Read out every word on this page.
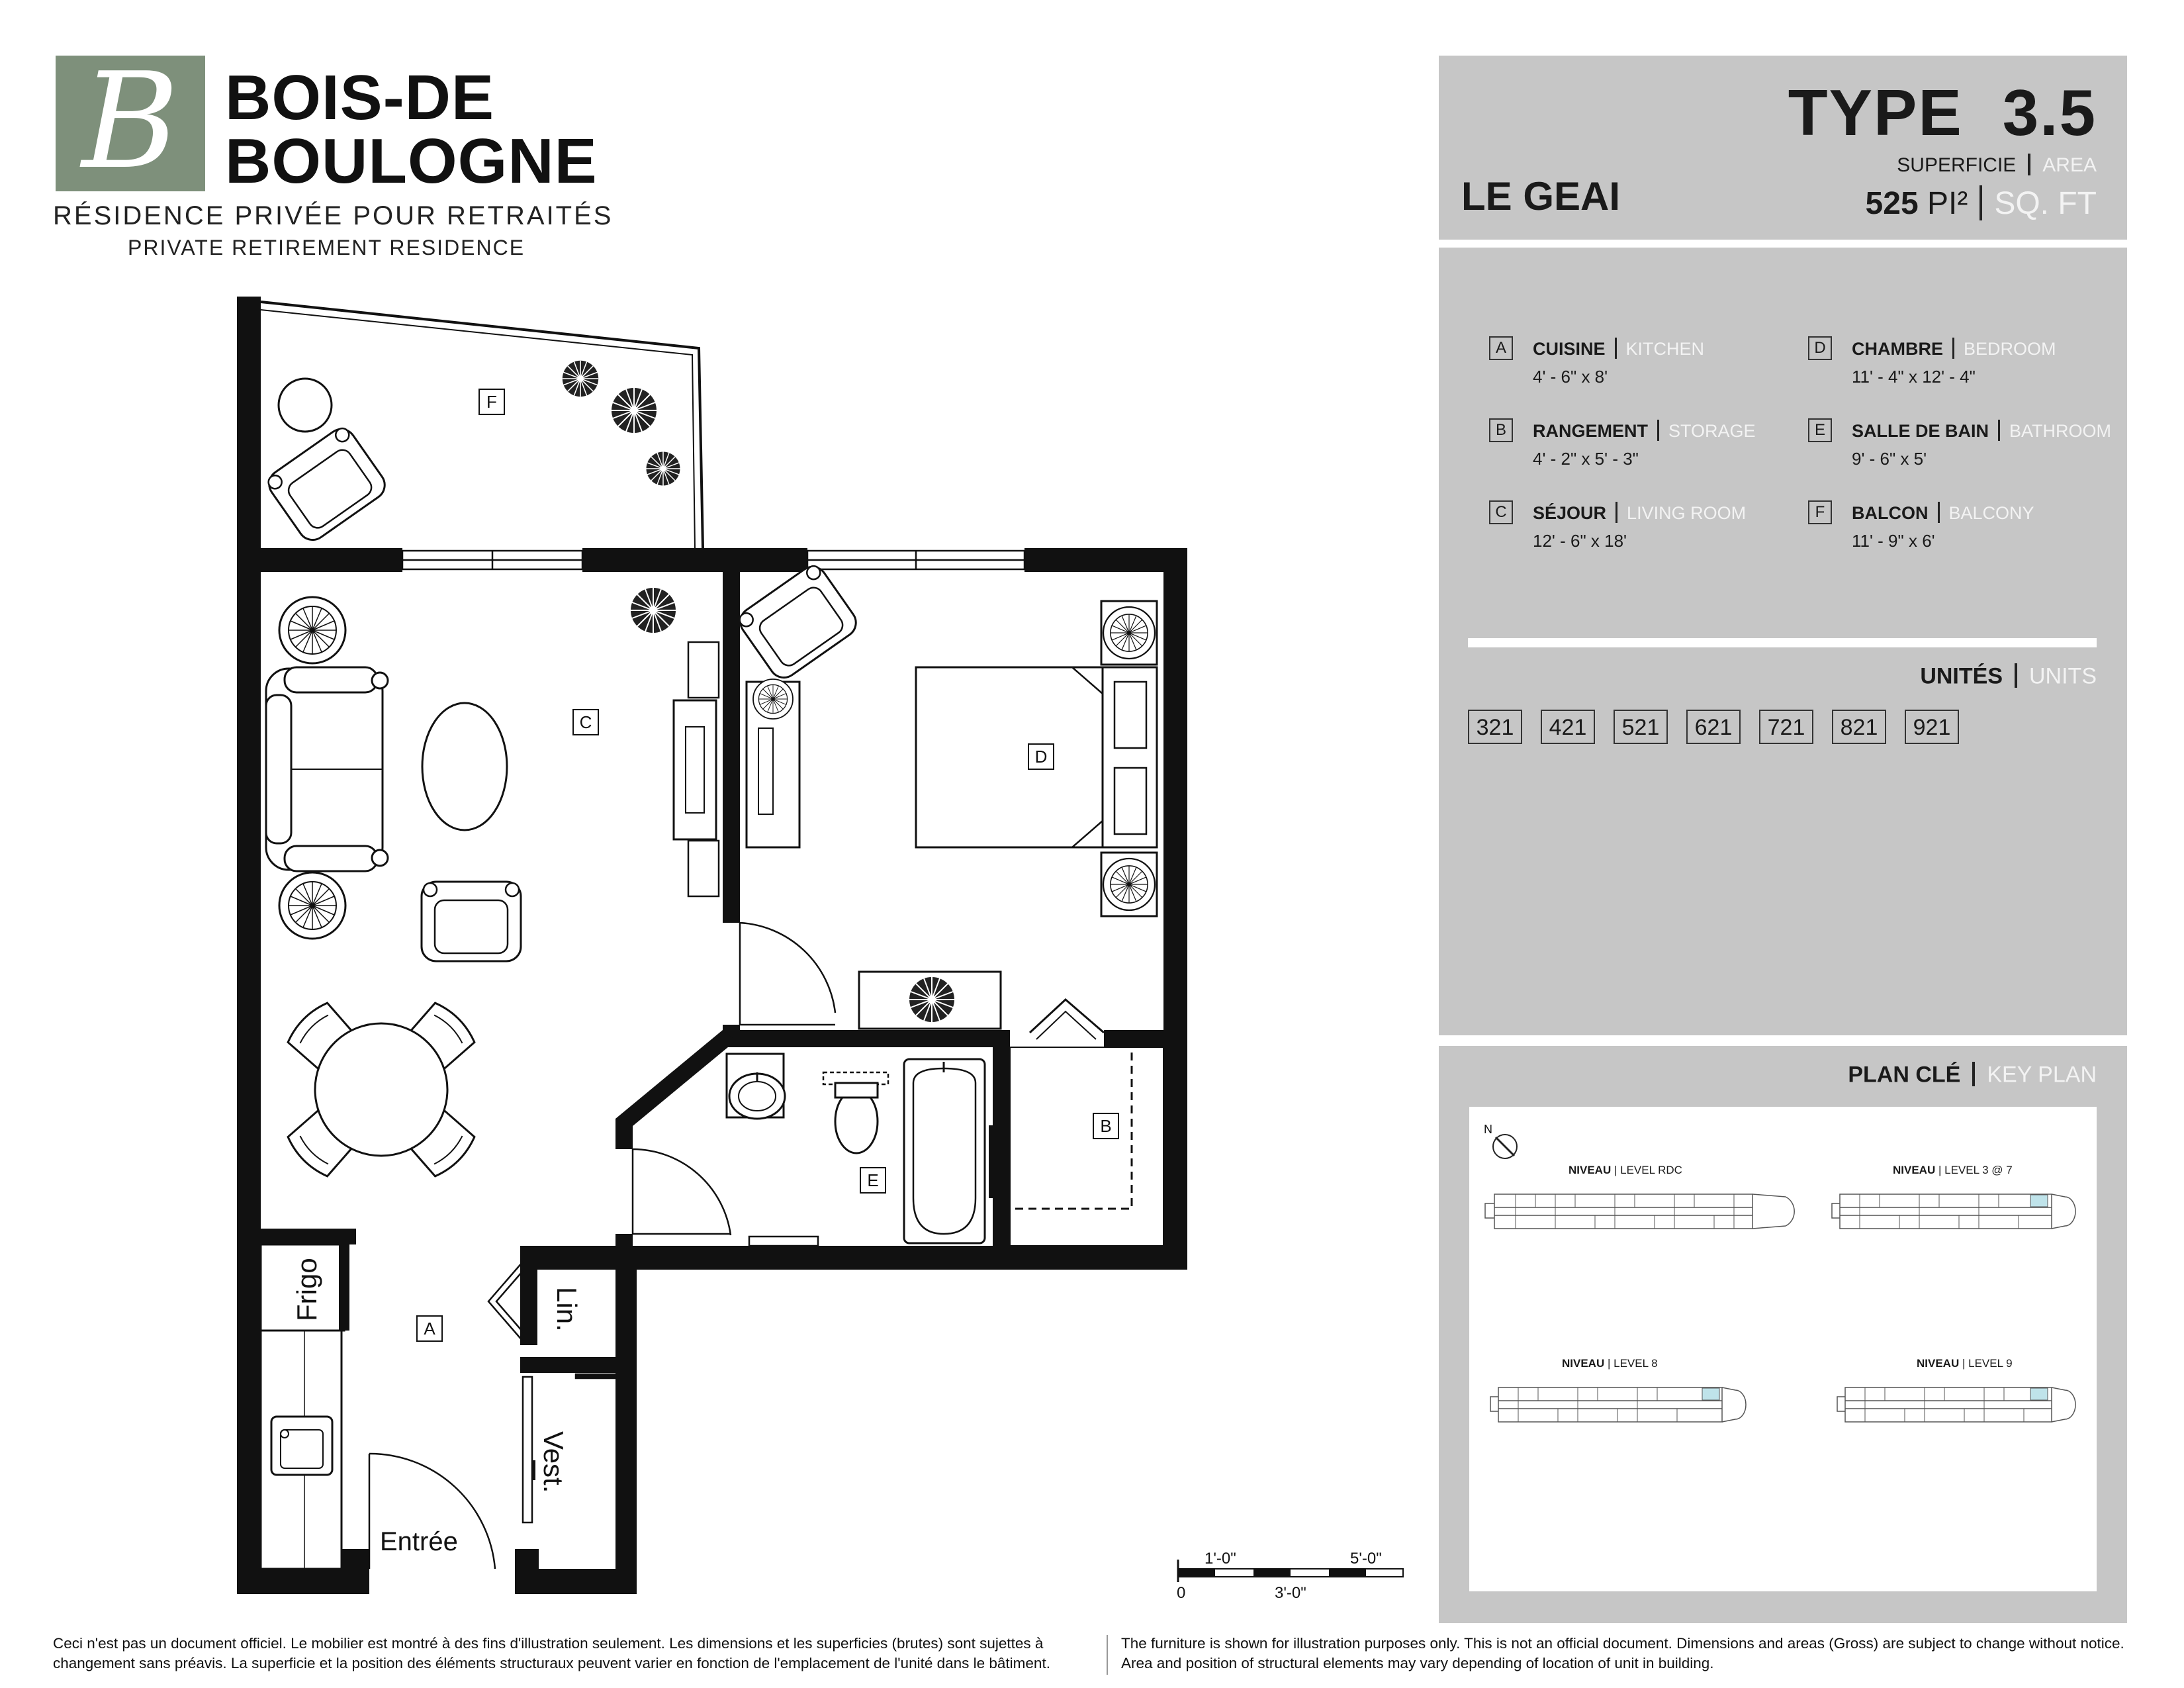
B BOIS-DE
BOULOGNE
RÉSIDENCE PRIVÉE POUR RETRAITÉS
PRIVATE RETIREMENT RESIDENCE
TYPE 3.5
SUPERFICIE AREA
525 PI² SQ. FT
LE GEAI
A	CUISINE KITCHEN
4' - 6" x 8'
B	RANGEMENT STORAGE
4' - 2" x 5' - 3"
C	SÉJOUR LIVING ROOM
12' - 6" x 18'
D	CHAMBRE BEDROOM
11' - 4" x 12' - 4"
E	SALLE DE BAIN BATHROOM
9' - 6" x 5'
F	BALCON BALCONY
11' - 9" x 6'
UNITÉS UNITS
321	421	521	621	721	821	921
PLAN CLÉ KEY PLAN
N
NIVEAU | LEVEL RDC	NIVEAU | LEVEL 3 @ 7
NIVEAU | LEVEL 8	NIVEAU | LEVEL 9
Frigo	Lin.
Vest.
Entrée
F
C
D
E
B
A
1'-0"	5'-0"
0	3'-0"
Ceci n'est pas un document officiel. Le mobilier est montré à des fins d'illustration seulement. Les dimensions et les superficies (brutes) sont sujettes à changement sans préavis. La superficie et la position des éléments structuraux peuvent varier en fonction de l'emplacement de l'unité dans le bâtiment.
The furniture is shown for illustration purposes only. This is not an official document. Dimensions and areas (Gross) are subject to change without notice. Area and position of structural elements may vary depending of location of unit in building.
